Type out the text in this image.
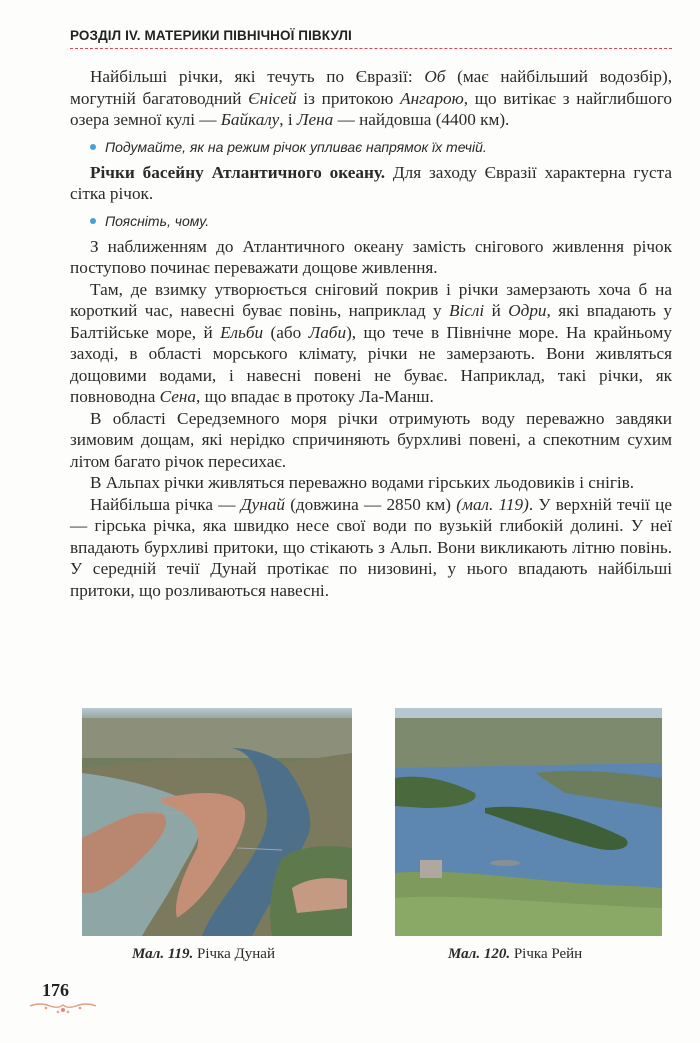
РОЗДІЛ IV. МАТЕРИКИ ПІВНІЧНОЇ ПІВКУЛІ

Найбільші річки, які течуть по Євразії: Об (має найбільший водозбір), могутній багатоводний Єнісей із притокою Ангарою, що витікає з найглибшого озера земної кулі — Байкалу, і Лена — найдовша (4400 км).

Подумайте, як на режим річок упливає напрямок їх течій.

Річки басейну Атлантичного океану. Для заходу Євразії характерна густа сітка річок.

Поясніть, чому.

З наближенням до Атлантичного океану замість снігового живлення річок поступово починає переважати дощове живлення.

Там, де взимку утворюється сніговий покрив і річки замерзають хоча б на короткий час, навесні буває повінь, наприклад у Віслі й Одри, які впадають у Балтійське море, й Ельби (або Лаби), що тече в Північне море. На крайньому заході, в області морського клімату, річки не замерзають. Вони живляться дощовими водами, і навесні повені не буває. Наприклад, такі річки, як повноводна Сена, що впадає в протоку Ла-Манш.

В області Середземного моря річки отримують воду переважно завдяки зимовим дощам, які нерідко спричиняють бурхливі повені, а спекотним сухим літом багато річок пересихає.

В Альпах річки живляться переважно водами гірських льодовиків і снігів.

Найбільша річка — Дунай (довжина — 2850 км) (мал. 119). У верхній течії це — гірська річка, яка швидко несе свої води по вузькій глибокій долині. У неї впадають бурхливі притоки, що стікають з Альп. Вони викликають літню повінь. У середній течії Дунай протікає по низовині, у нього впадають найбільші притоки, що розливаються навесні.

Мал. 119. Річка Дунай	Мал. 120. Річка Рейн
176
